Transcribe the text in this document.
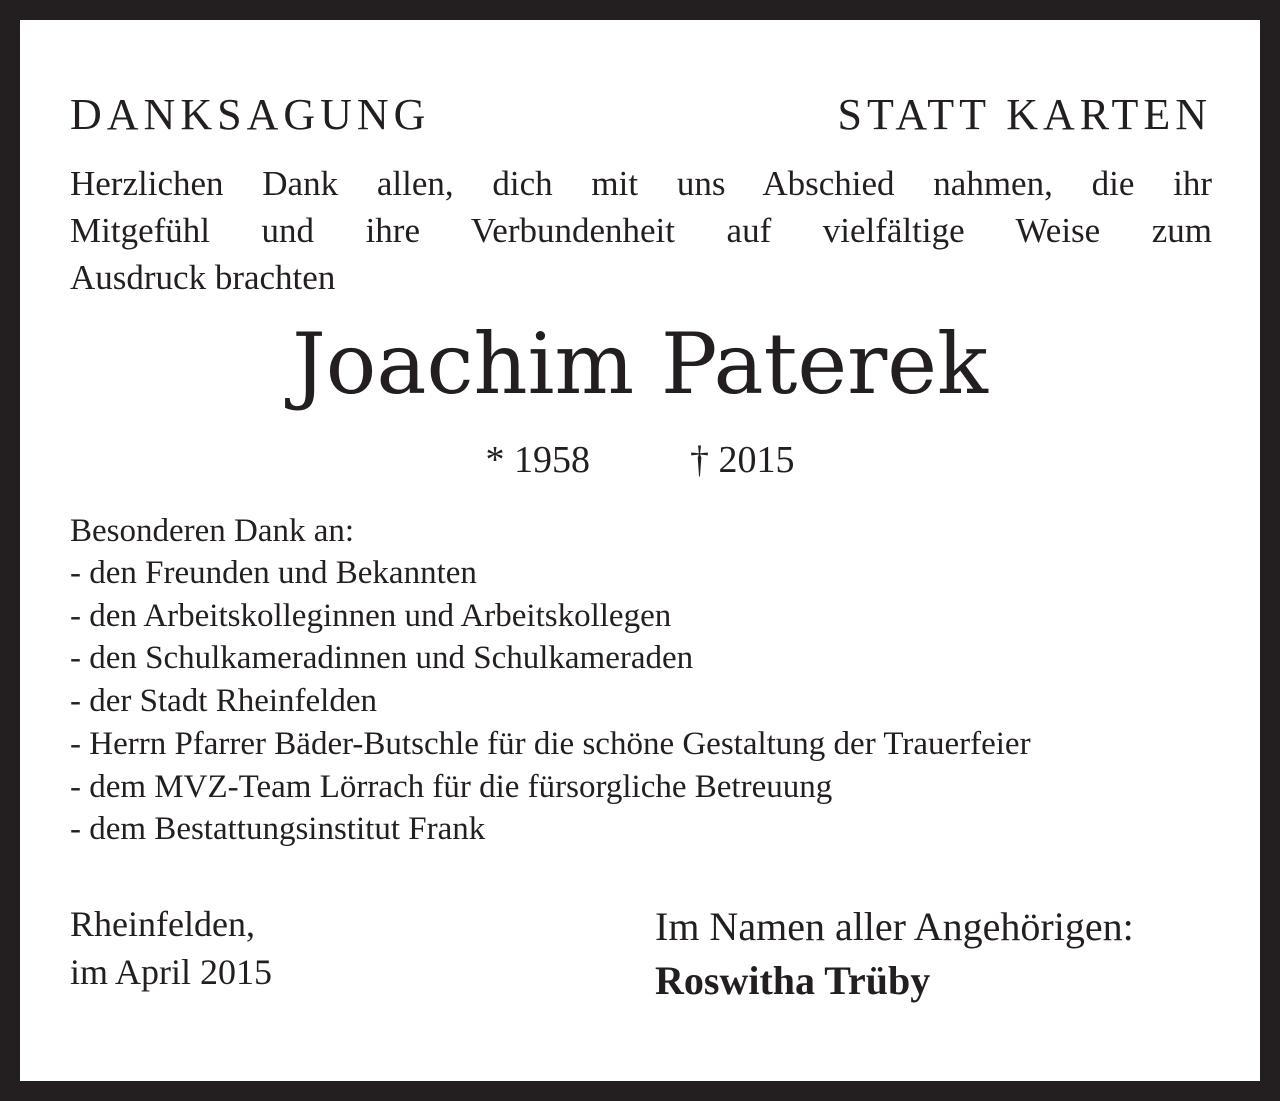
DANKSAGUNG	STATT KARTEN

Herzlichen Dank allen, dich mit uns Abschied nahmen, die ihr
Mitgefühl und ihre Verbundenheit auf vielfältige Weise zum
Ausdruck brachten

Joachim Paterek

* 1958	† 2015

Besonderen Dank an:

- den Freunden und Bekannten
- den Arbeitskolleginnen und Arbeitskollegen
- den Schulkameradinnen und Schulkameraden
- der Stadt Rheinfelden
- Herrn Pfarrer Bäder-Butschle für die schöne Gestaltung der Trauerfeier
- dem MVZ-Team Lörrach für die fürsorgliche Betreuung
- dem Bestattungsinstitut Frank

Rheinfelden,
im April 2015

Im Namen aller Angehörigen:
Roswitha Trüby
